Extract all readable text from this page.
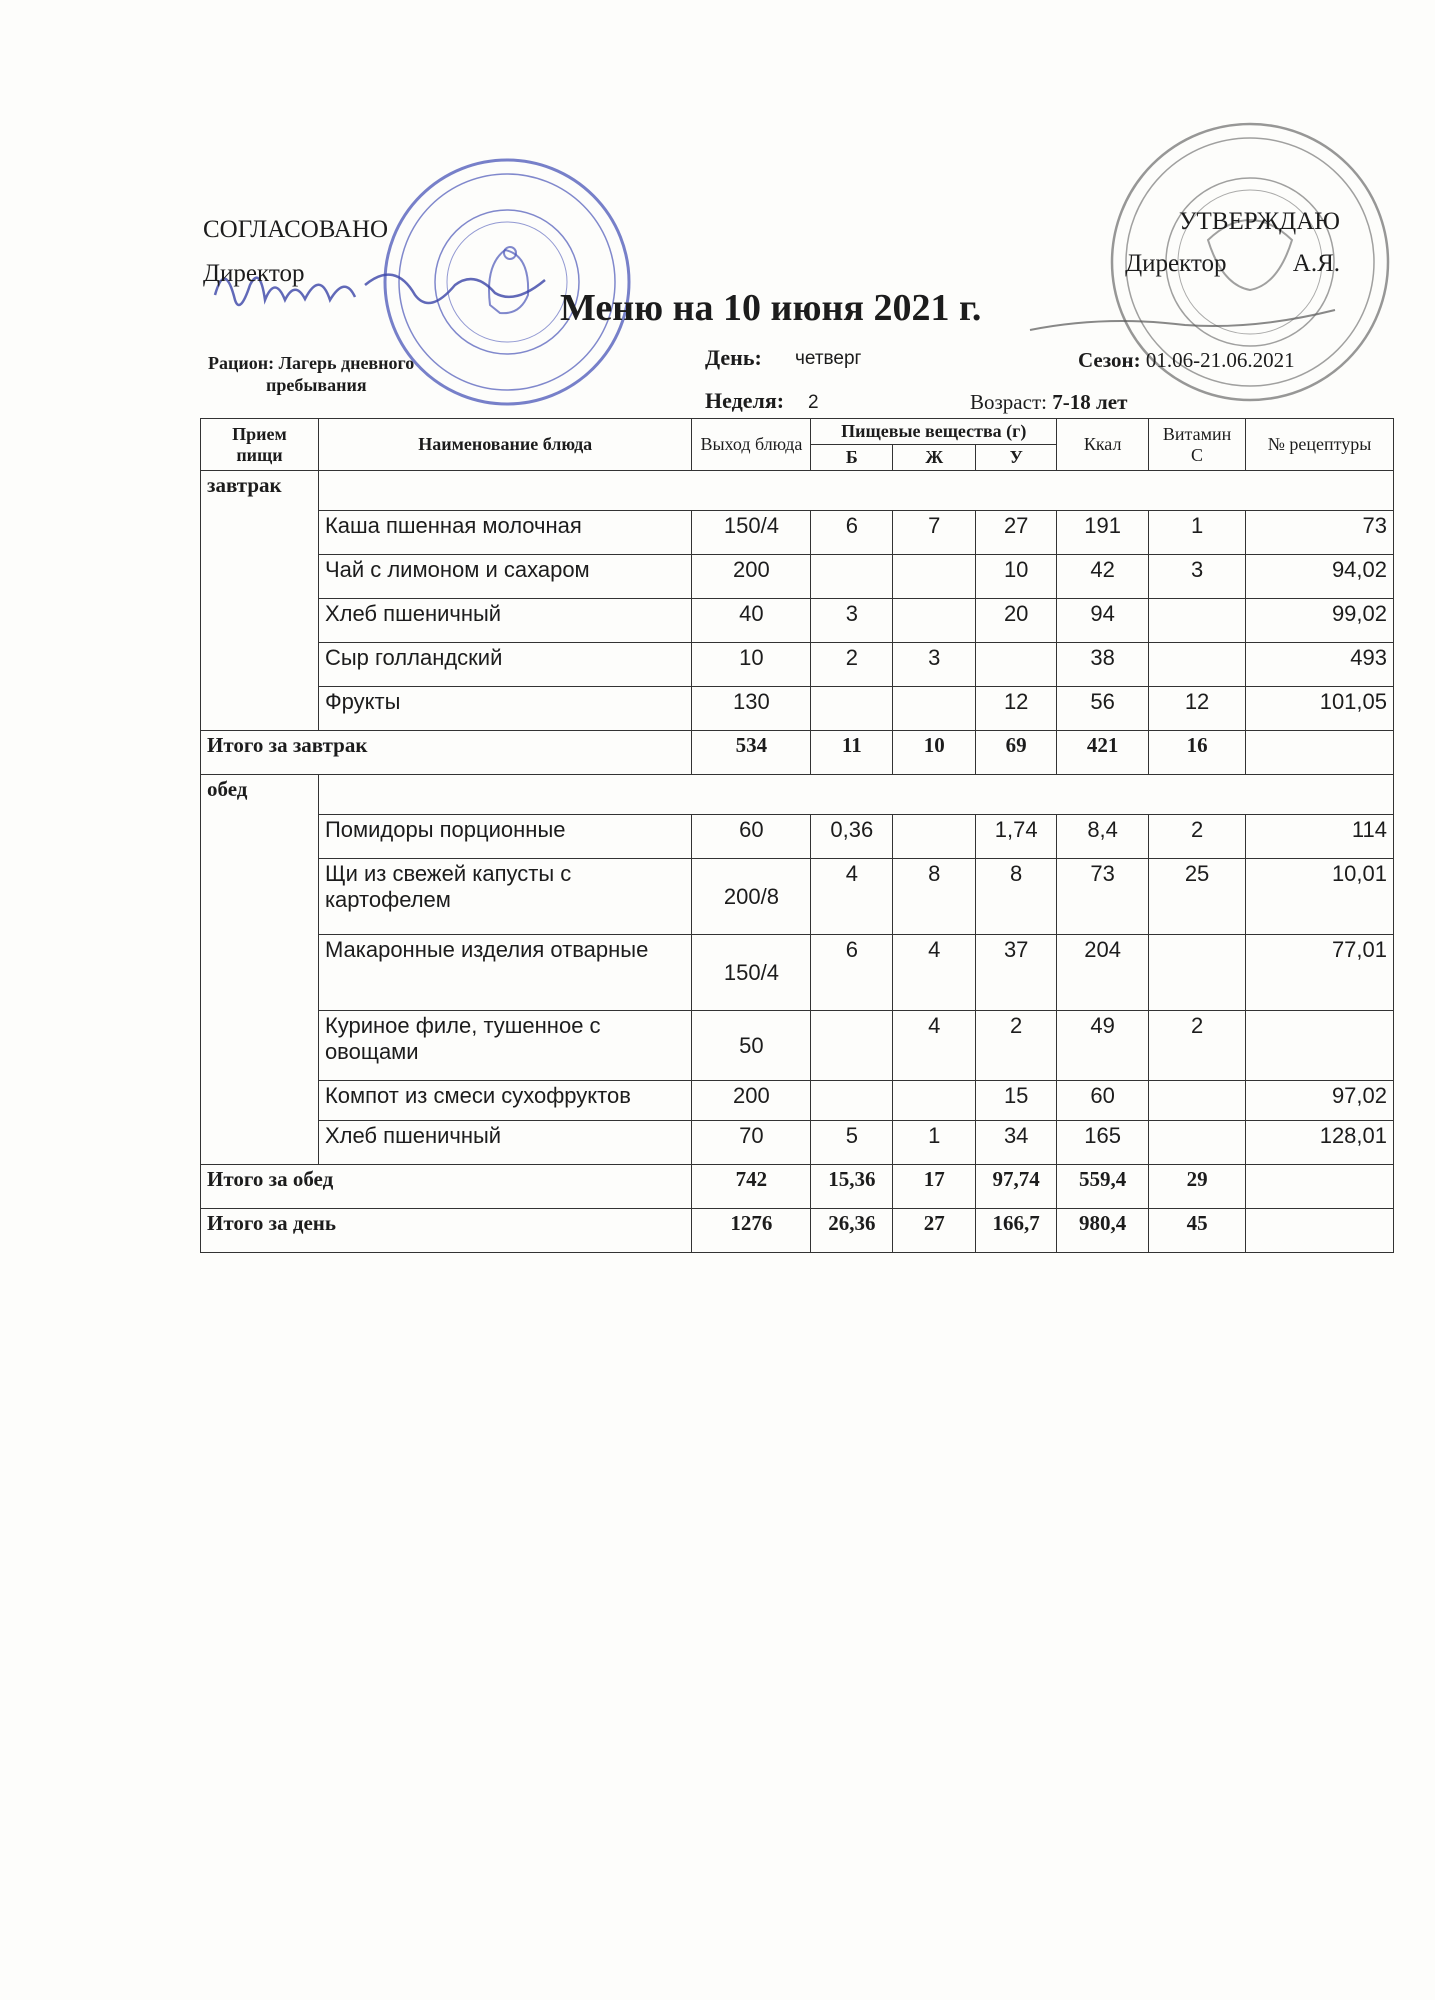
СОГЛАСОВАНО
Директор
УТВЕРЖДАЮ
Директор	А.Я.
Меню на 10 июня 2021 г.
Рацион: Лагерь дневного
пребывания
День: четверг	Сезон: 01.06-21.06.2021
Неделя: 2	Возраст: 7-18 лет
Прием пищи	Наименование блюда	Выход блюда	Пищевые вещества (г)			Ккал	Витамин С	№ рецептуры
			Б	Ж	У			
завтрак								
	Каша пшенная молочная	150/4	6	7	27	191	1	73
	Чай с лимоном и сахаром	200			10	42	3	94,02
	Хлеб пшеничный	40	3		20	94		99,02
	Сыр голландский	10	2	3		38		493
	Фрукты	130			12	56	12	101,05
Итого за завтрак		534	11	10	69	421	16	
обед								
	Помидоры порционные	60	0,36		1,74	8,4	2	114
	Щи из свежей капусты с картофелем	200/8	4	8	8	73	25	10,01
	Макаронные изделия отварные	150/4	6	4	37	204		77,01
	Куриное филе, тушенное с овощами	50		4	2	49	2	
	Компот из смеси сухофруктов	200			15	60		97,02
	Хлеб пшеничный	70	5	1	34	165		128,01
Итого за обед		742	15,36	17	97,74	559,4	29	
Итого за день		1276	26,36	27	166,7	980,4	45	
